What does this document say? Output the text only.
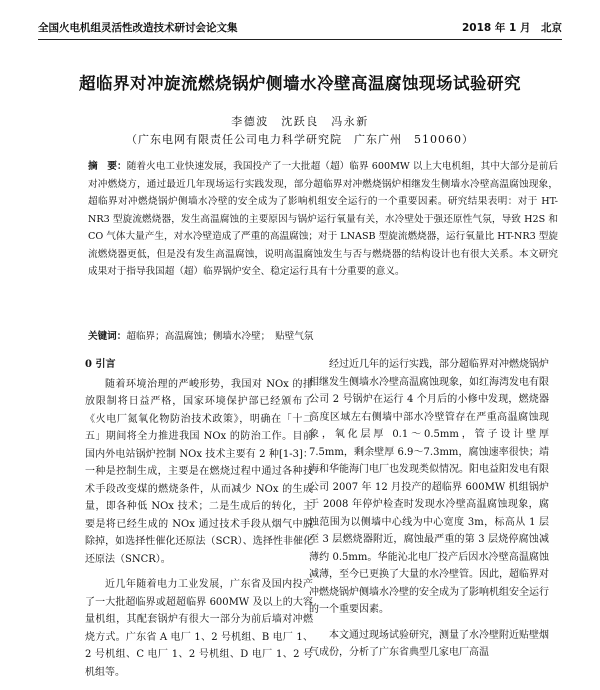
全国火电机组灵活性改造技术研讨会论文集	2018 年 1 月　北京
超临界对冲旋流燃烧锅炉侧墙水冷壁高温腐蚀现场试验研究
李德波　沈跃良　冯永新
（广东电网有限责任公司电力科学研究院　广东广州　510060）
摘　要：随着火电工业快速发展，我国投产了一大批超（超）临界 600MW 以上大电机组，其中大部分是前后对冲燃烧方，通过最近几年现场运行实践发现，部分超临界对冲燃烧锅炉相继发生侧墙水冷壁高温腐蚀现象，超临界对冲燃烧锅炉侧墙水冷壁的安全成为了影响机组安全运行的一个重要因素。研究结果表明：对于 HT-NR3 型旋流燃烧器，发生高温腐蚀的主要原因与锅炉运行氧量有关，水冷壁处于强还原性气氛，导致 H2S 和 CO 气体大量产生，对水冷壁造成了严重的高温腐蚀；对于 LNASB 型旋流燃烧器，运行氧量比 HT-NR3 型旋流燃烧器更低，但是没有发生高温腐蚀，说明高温腐蚀发生与否与燃烧器的结构设计也有很大关系。本文研究成果对于指导我国超（超）临界锅炉安全、稳定运行具有十分重要的意义。
关键词：超临界；高温腐蚀；侧墙水冷壁；　贴壁气氛

0 引言

随着环境治理的严峻形势，我国对 NOx 的排放限制将日益严格，国家环境保护部已经颁布了《火电厂氮氧化物防治技术政策》，明确在「十二五」期间将全力推进我国 NOx 的防治工作。目前国内外电站锅炉控制 NOx 技术主要有 2 种[1-3]：一种是控制生成，主要是在燃烧过程中通过各种技术手段改变煤的燃烧条件，从而减少 NOx 的生成量，即各种低 NOx 技术；二是生成后的转化，主要是将已经生成的 NOx 通过技术手段从烟气中脱除掉，如选择性催化还原法（SCR）、选择性非催化还原法（SNCR）。

近几年随着电力工业发展，广东省及国内投产了一大批超临界或超超临界 600MW 及以上的大容量机组，其配套锅炉有很大一部分为前后墙对冲燃烧方式。广东省 A 电厂 1、2 号机组、B 电厂 1、2 号机组、C 电厂 1、2 号机组、D 电厂 1、2 号机组等。

经过近几年的运行实践，部分超临界对冲燃烧锅炉相继发生侧墙水冷壁高温腐蚀现象，如红海湾发电有限公司 2 号锅炉在运行 4 个月后的小修中发现，燃烧器高度区域左右侧墙中部水冷壁管存在严重高温腐蚀现象，氧化层厚 0.1～0.5mm，管子设计壁厚 7.5mm，剩余壁厚 6.9～7.3mm，腐蚀速率很快；靖海和华能海门电厂也发现类似情况。阳电益阳发电有限公司 2007 年 12 月投产的超临界 600MW 机组锅炉于 2008 年停炉检查时发现水冷壁高温腐蚀现象，腐蚀范围为以侧墙中心线为中心宽度 3m，标高从 1 层至 3 层燃烧器附近，腐蚀最严重的第 3 层烧停腐蚀减薄约 0.5mm。华能沁北电厂投产后因水冷壁高温腐蚀减薄，至今已更换了大量的水冷壁管。因此，超临界对冲燃烧锅炉侧墙水冷壁的安全成为了影响机组安全运行的一个重要因素。

本文通过现场试验研究，测量了水冷壁附近贴壁烟气成份，分析了广东省典型几家电厂高温
